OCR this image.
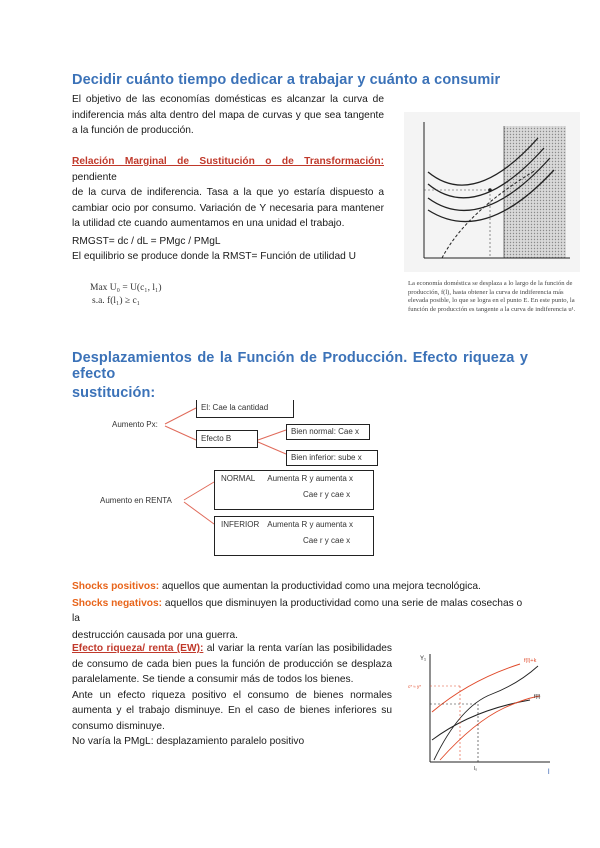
Decidir cuánto tiempo dedicar a trabajar y cuánto a consumir
El objetivo de las economías domésticas es alcanzar la curva de
indiferencia más alta dentro del mapa de curvas y que sea tangente
a la función de producción.
Relación Marginal de Sustitución o de Transformación: pendiente
de la curva de indiferencia. Tasa a la que yo estaría dispuesto a
cambiar ocio por consumo. Variación de Y necesaria para mantener
la utilidad cte cuando aumentamos en una unidad el trabajo.
RMGST= dc / dL = PMgc / PMgL
El equilibrio se produce donde la RMST= Función de utilidad U
Max U₀ = U(c₁, l₁)
s.a. f(l₁) ≥ c₁
La economía doméstica se desplaza a lo largo de la función de producción, f(l), hasta obtener la curva de indiferencia más elevada posible, lo que se logra en el punto E. En este punto, la función de producción es tangente a la curva de indiferencia u¹.
Desplazamientos de la Función de Producción. Efecto riqueza y efecto
sustitución:
Aumento Px:
El: Cae la cantidad
Efecto B
Bien normal: Cae x
Bien inferior: sube x
Aumento en RENTA
NORMAL Aumenta R y aumenta x
Cae r y cae x
INFERIOR Aumenta R y aumenta x
Cae r y cae x
Shocks positivos: aquellos que aumentan la productividad como una mejora tecnológica.
Shocks negativos: aquellos que disminuyen la productividad como una serie de malas cosechas o la
destrucción causada por una guerra.
Efecto riqueza/ renta (EW): al variar la renta varían las posibilidades
de consumo de cada bien pues la función de producción se desplaza
paralelamente. Se tiende a consumir más de todos los bienes.
Ante un efecto riqueza positivo el consumo de bienes normales
aumenta y el trabajo disminuye. En el caso de bienes inferiores su
consumo disminuye.
No varía la PMgL: desplazamiento paralelo positivo
Y₁
l
c* ≈ y*
l₀
f(l)+k
f(l)
